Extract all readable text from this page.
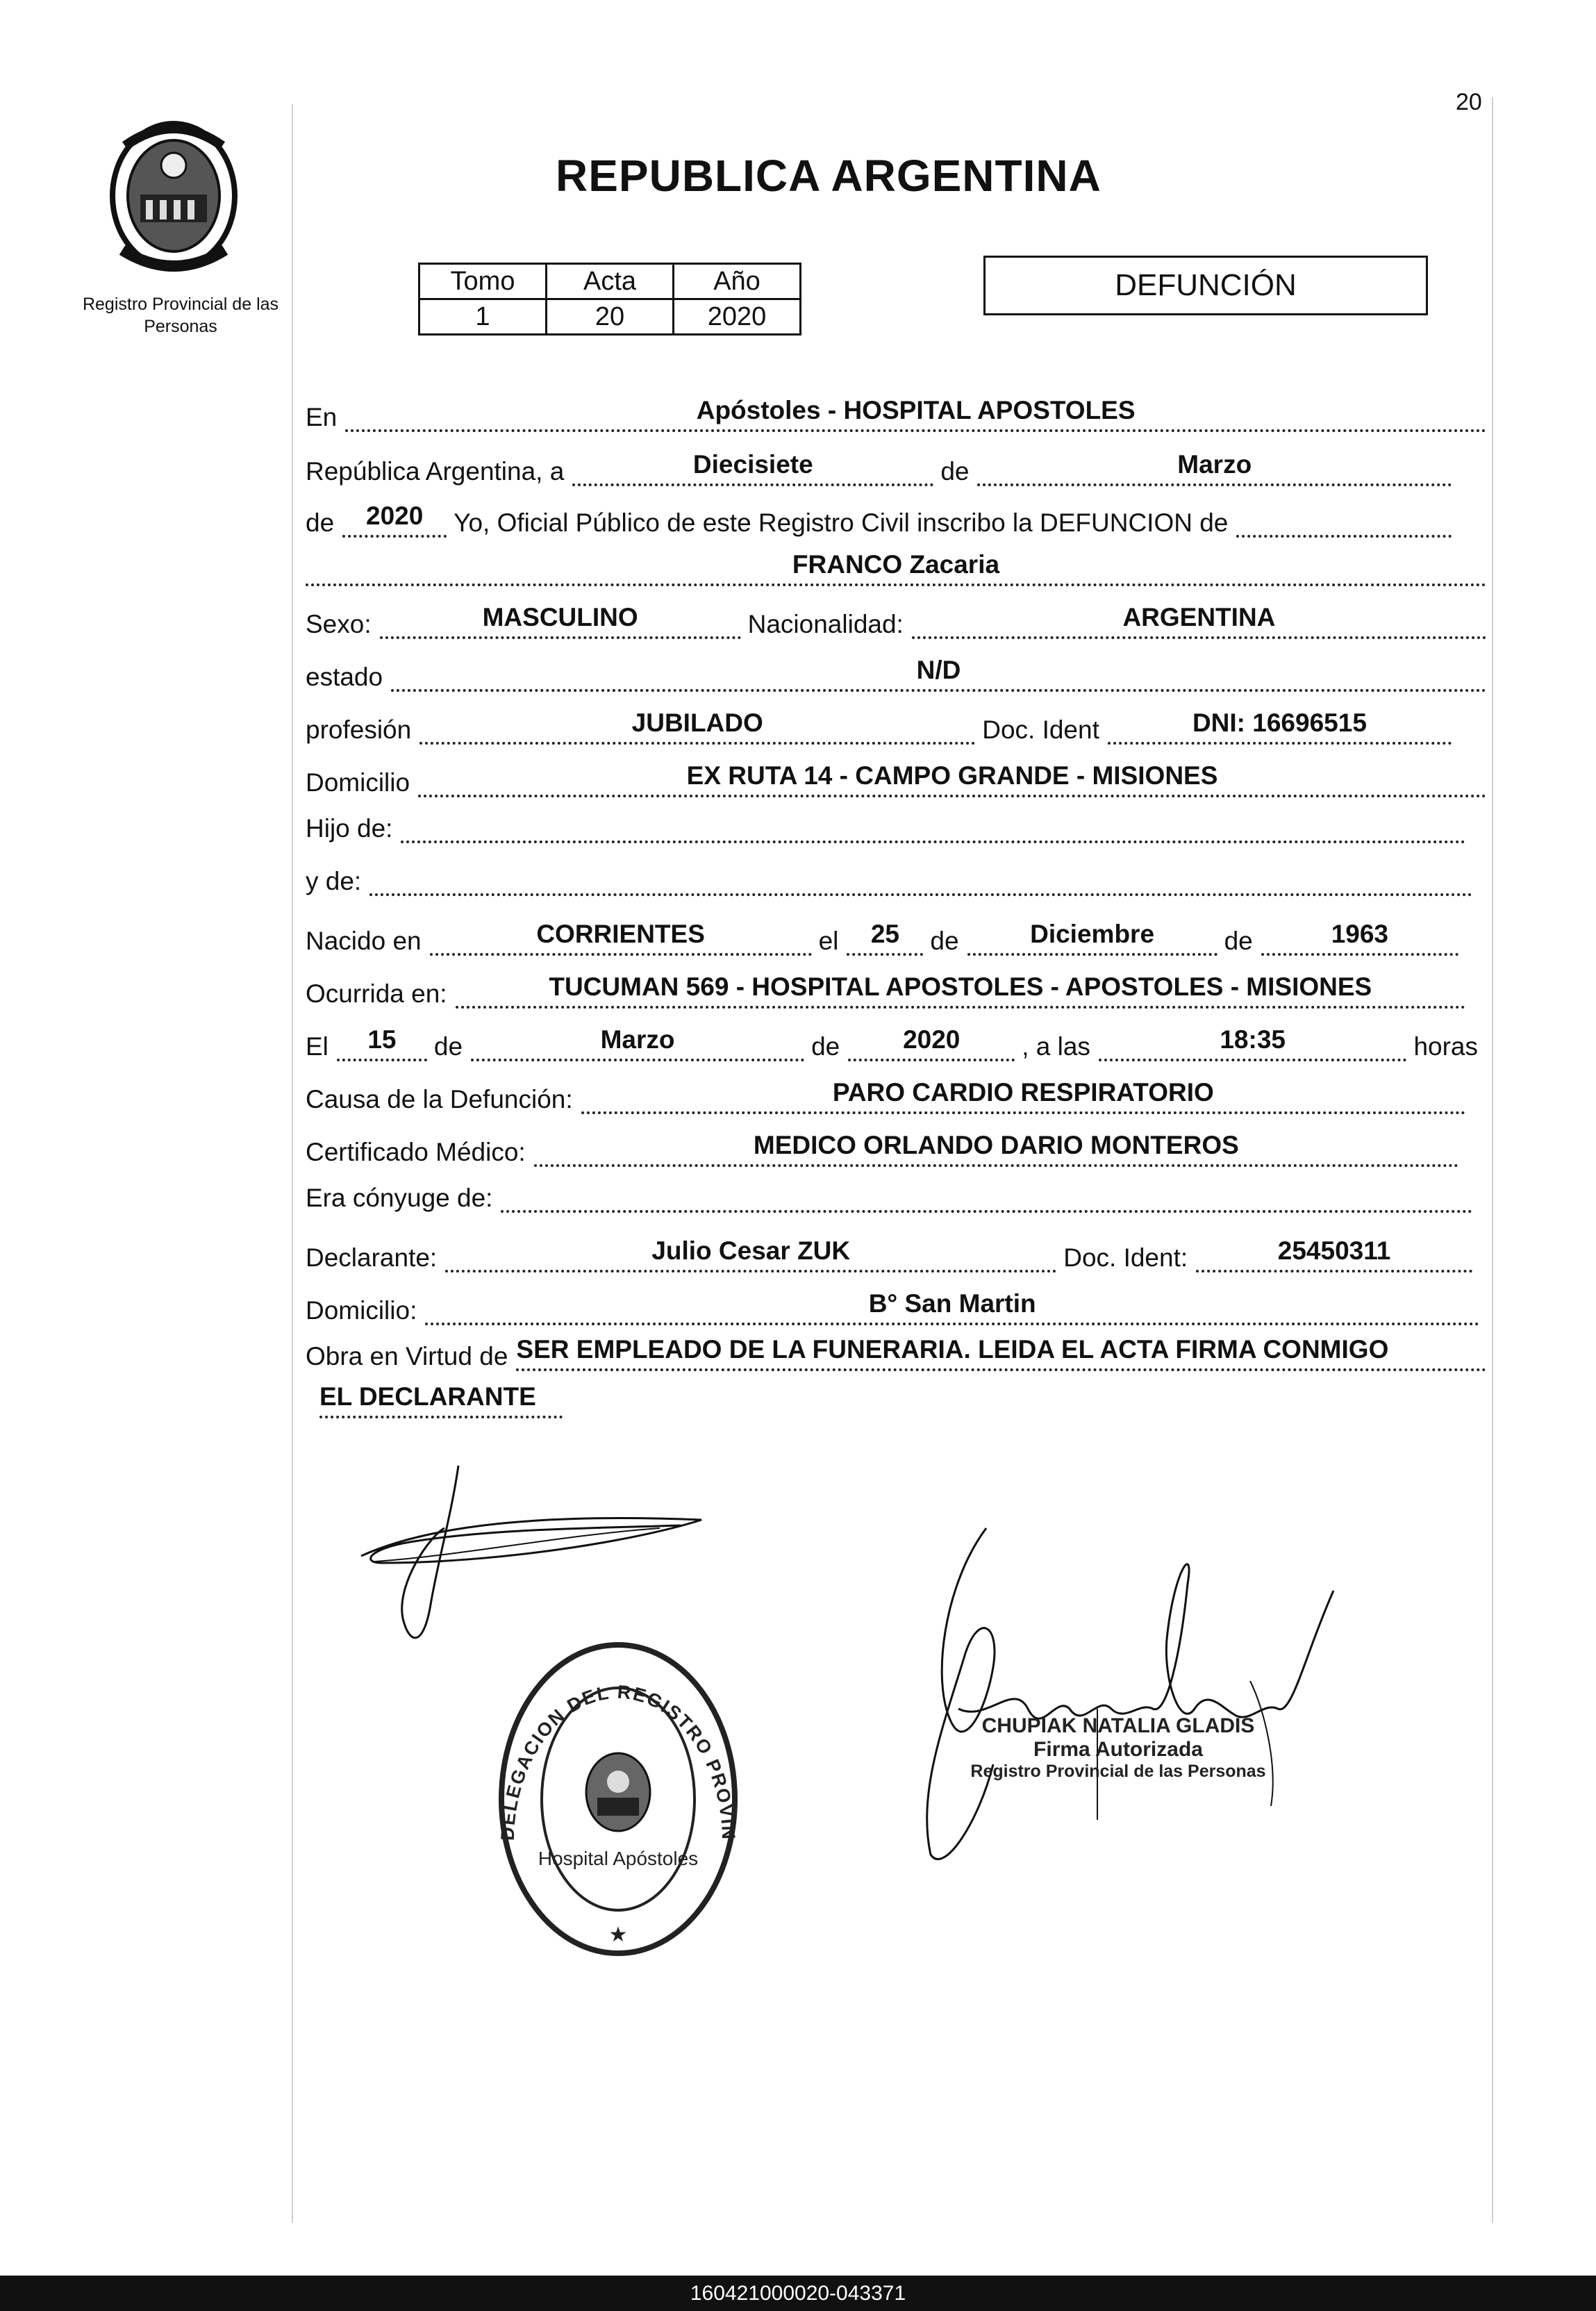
20
Registro Provincial de las Personas
REPUBLICA ARGENTINA
Tomo	Acta	Año
1	20	2020
DEFUNCIÓN
En	Apóstoles - HOSPITAL APOSTOLES
República Argentina, a	Diecisiete	de	Marzo
de	2020	Yo, Oficial Público de este Registro Civil inscribo la DEFUNCION de
FRANCO Zacaria
Sexo:	MASCULINO	Nacionalidad:	ARGENTINA
estado	N/D
profesión	JUBILADO	Doc. Ident	DNI: 16696515
Domicilio	EX RUTA 14 - CAMPO GRANDE - MISIONES
Hijo de:
y de:
Nacido en	CORRIENTES	el	25	de	Diciembre	de	1963
Ocurrida en:	TUCUMAN 569 - HOSPITAL APOSTOLES - APOSTOLES - MISIONES
El	15	de	Marzo	de	2020	, a las	18:35	horas
Causa de la Defunción:	PARO CARDIO RESPIRATORIO
Certificado Médico:	MEDICO ORLANDO DARIO MONTEROS
Era cónyuge de:
Declarante:	Julio Cesar ZUK	Doc. Ident:	25450311
Domicilio:	B° San Martin
Obra en Virtud de SER EMPLEADO DE LA FUNERARIA. LEIDA EL ACTA FIRMA CONMIGO
EL DECLARANTE
DELEGACION DEL REGISTRO PROVIN
Hospital Apóstoles
★
CHUPIAK NATALIA GLADIS
Firma Autorizada
Registro Provincial de las Personas
160421000020-043371
